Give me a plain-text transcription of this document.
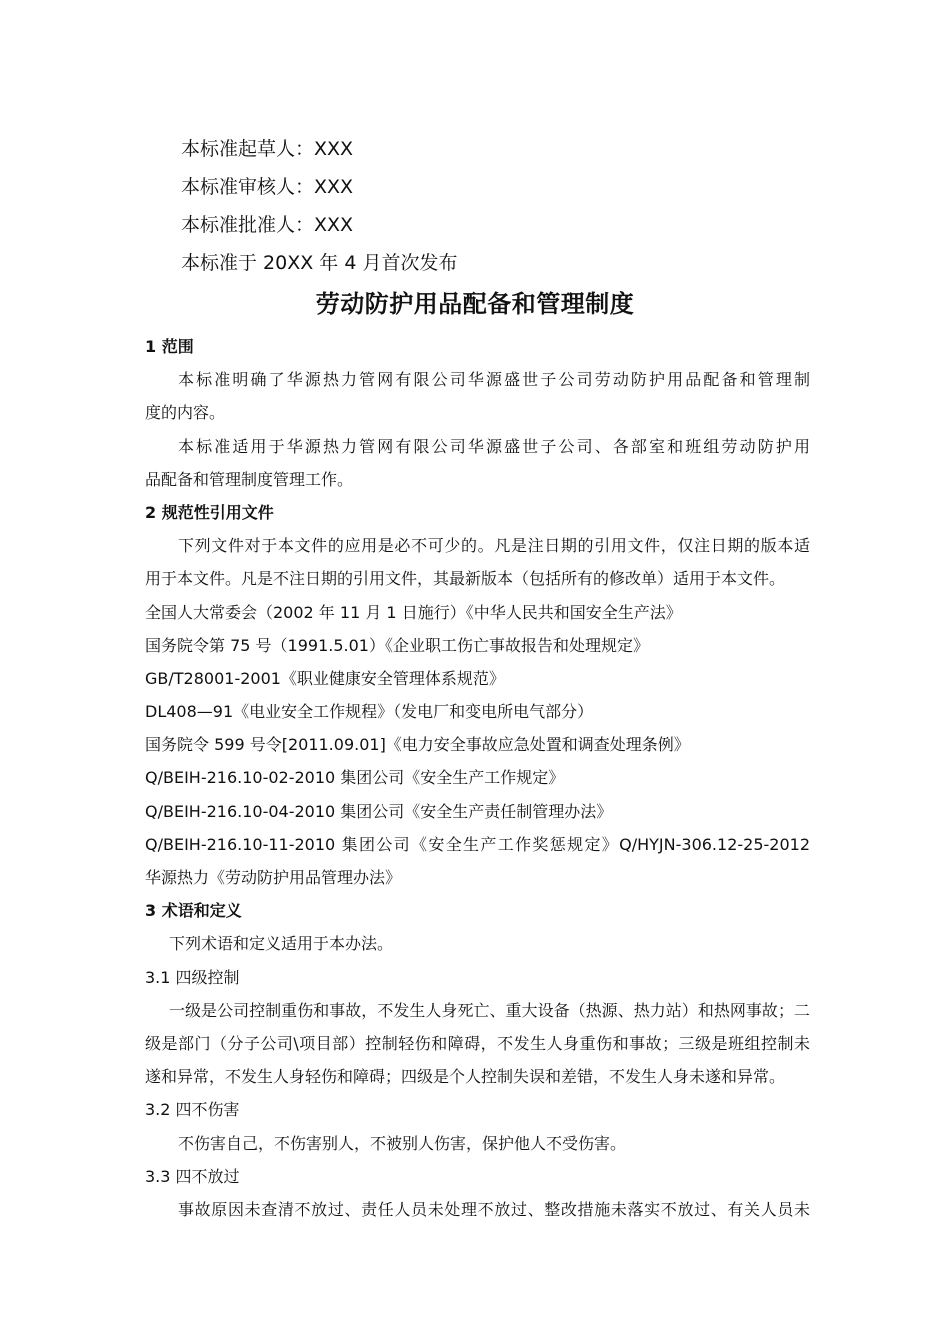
本标准起草人：XXX
本标准审核人：XXX
本标准批准人：XXX
本标准于 20XX 年 4 月首次发布
劳动防护用品配备和管理制度
1 范围
本标准明确了华源热力管网有限公司华源盛世子公司劳动防护用品配备和管理制
度的内容。
本标准适用于华源热力管网有限公司华源盛世子公司、各部室和班组劳动防护用
品配备和管理制度管理工作。
2 规范性引用文件
下列文件对于本文件的应用是必不可少的。凡是注日期的引用文件，仅注日期的版本适
用于本文件。凡是不注日期的引用文件，其最新版本（包括所有的修改单）适用于本文件。
全国人大常委会（2002 年 11 月 1 日施行）《中华人民共和国安全生产法》
国务院令第 75 号（1991.5.01）《企业职工伤亡事故报告和处理规定》
GB/T28001-2001《职业健康安全管理体系规范》
DL408—91《电业安全工作规程》（发电厂和变电所电气部分）
国务院令 599 号令[2011.09.01]《电力安全事故应急处置和调查处理条例》
Q/BEIH-216.10-02-2010 集团公司《安全生产工作规定》
Q/BEIH-216.10-04-2010 集团公司《安全生产责任制管理办法》
Q/BEIH-216.10-11-2010 集团公司《安全生产工作奖惩规定》Q/HYJN-306.12-25-2012
华源热力《劳动防护用品管理办法》
3 术语和定义
下列术语和定义适用于本办法。
3.1 四级控制
一级是公司控制重伤和事故，不发生人身死亡、重大设备（热源、热力站）和热网事故；二
级是部门（分子公司\项目部）控制轻伤和障碍，不发生人身重伤和事故；三级是班组控制未
遂和异常，不发生人身轻伤和障碍；四级是个人控制失误和差错，不发生人身未遂和异常。
3.2 四不伤害
不伤害自己，不伤害别人，不被别人伤害，保护他人不受伤害。
3.3 四不放过
事故原因未查清不放过、责任人员未处理不放过、整改措施未落实不放过、有关人员未
